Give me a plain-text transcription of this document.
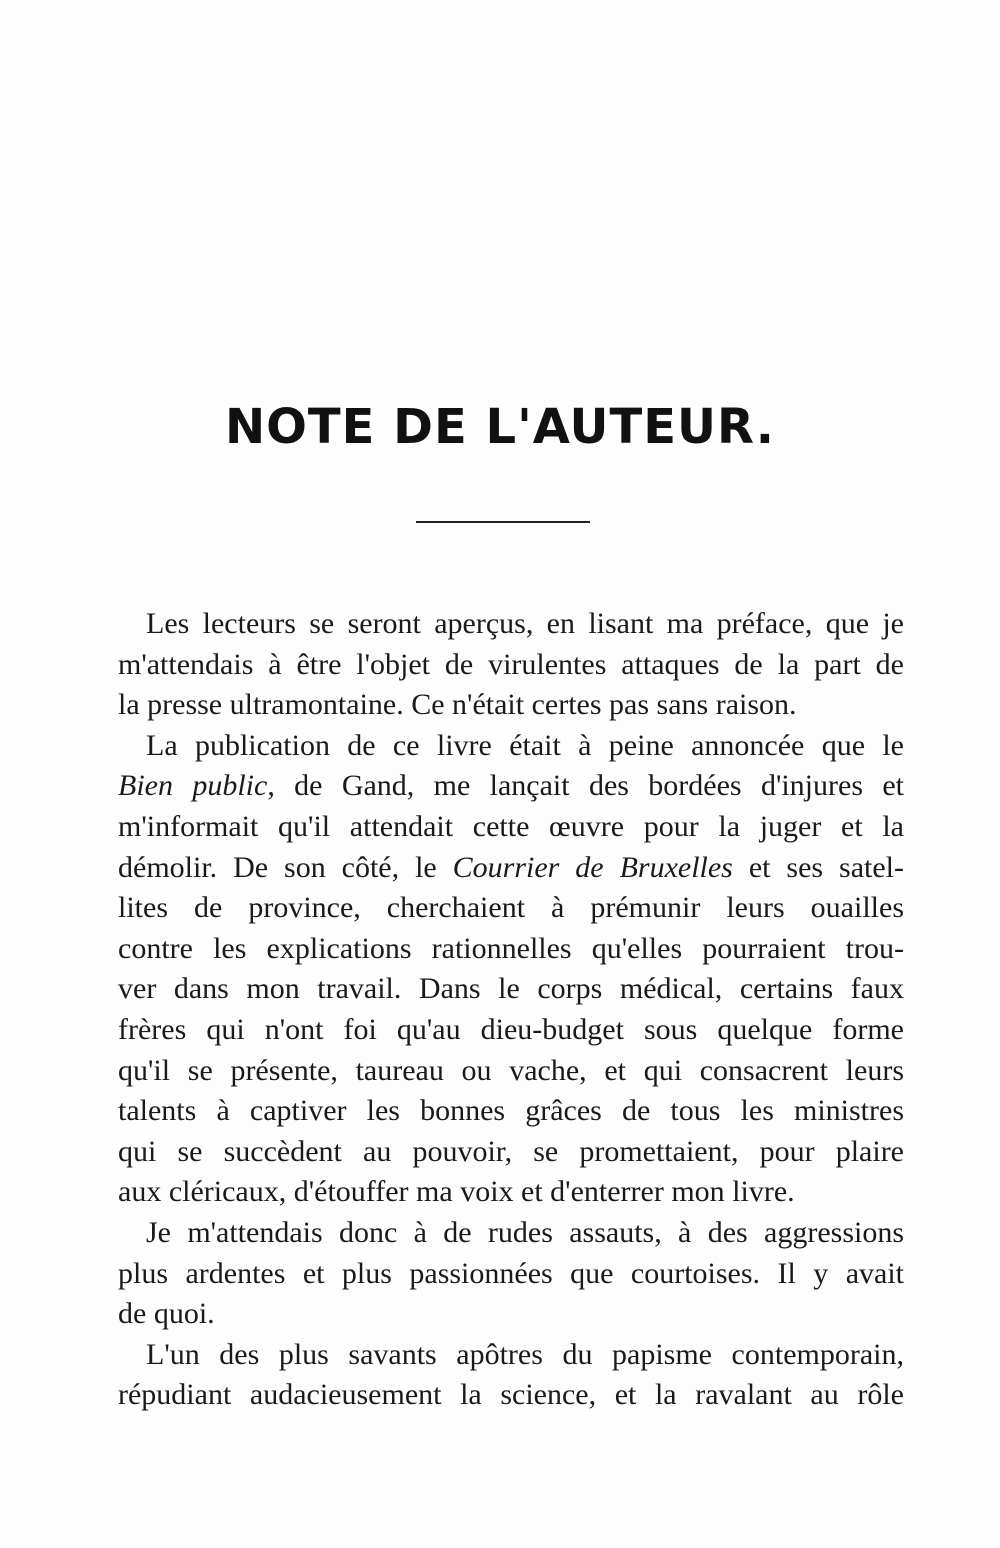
NOTE DE L'AUTEUR.
Les lecteurs se seront aperçus, en lisant ma préface, que je
m'attendais à être l'objet de virulentes attaques de la part de
la presse ultramontaine. Ce n'était certes pas sans raison.
La publication de ce livre était à peine annoncée que le
Bien public, de Gand, me lançait des bordées d'injures et
m'informait qu'il attendait cette œuvre pour la juger et la
démolir. De son côté, le Courrier de Bruxelles et ses satel-
lites de province, cherchaient à prémunir leurs ouailles
contre les explications rationnelles qu'elles pourraient trou-
ver dans mon travail. Dans le corps médical, certains faux
frères qui n'ont foi qu'au dieu-budget sous quelque forme
qu'il se présente, taureau ou vache, et qui consacrent leurs
talents à captiver les bonnes grâces de tous les ministres
qui se succèdent au pouvoir, se promettaient, pour plaire
aux cléricaux, d'étouffer ma voix et d'enterrer mon livre.
Je m'attendais donc à de rudes assauts, à des aggressions
plus ardentes et plus passionnées que courtoises. Il y avait
de quoi.
L'un des plus savants apôtres du papisme contemporain,
répudiant audacieusement la science, et la ravalant au rôle
